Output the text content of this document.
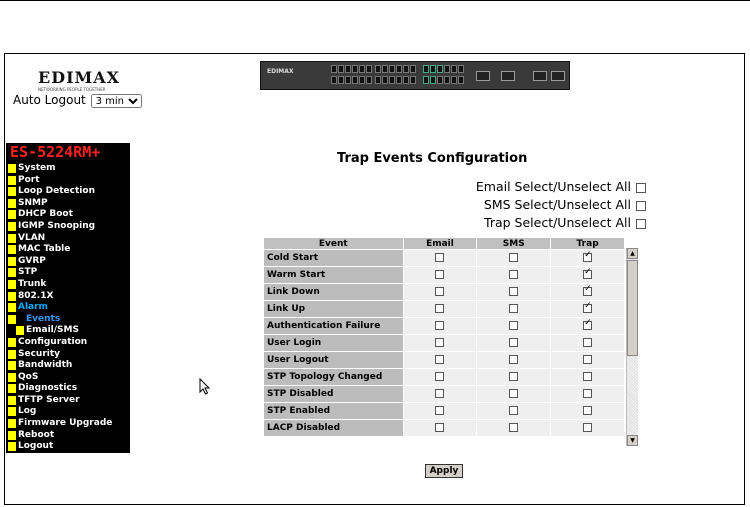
EDIMAX
NETWORKING PEOPLE TOGETHER
Auto Logout
3 min
EDIMAX
ES-5224RM+
System
Port
Loop Detection
SNMP
DHCP Boot
IGMP Snooping
VLAN
MAC Table
GVRP
STP
Trunk
802.1X
Alarm
Events
Email/SMS
Configuration
Security
Bandwidth
QoS
Diagnostics
TFTP Server
Log
Firmware Upgrade
Reboot
Logout
Trap Events Configuration
Email Select/Unselect All
SMS Select/Unselect All
Trap Select/Unselect All
Event	Email	SMS	Trap
Cold Start			✓
Warm Start			✓
Link Down			✓
Link Up			✓
Authentication Failure			✓
User Login			
User Logout			
STP Topology Changed			
STP Disabled			
STP Enabled			
LACP Disabled			
▲
▼
Apply
